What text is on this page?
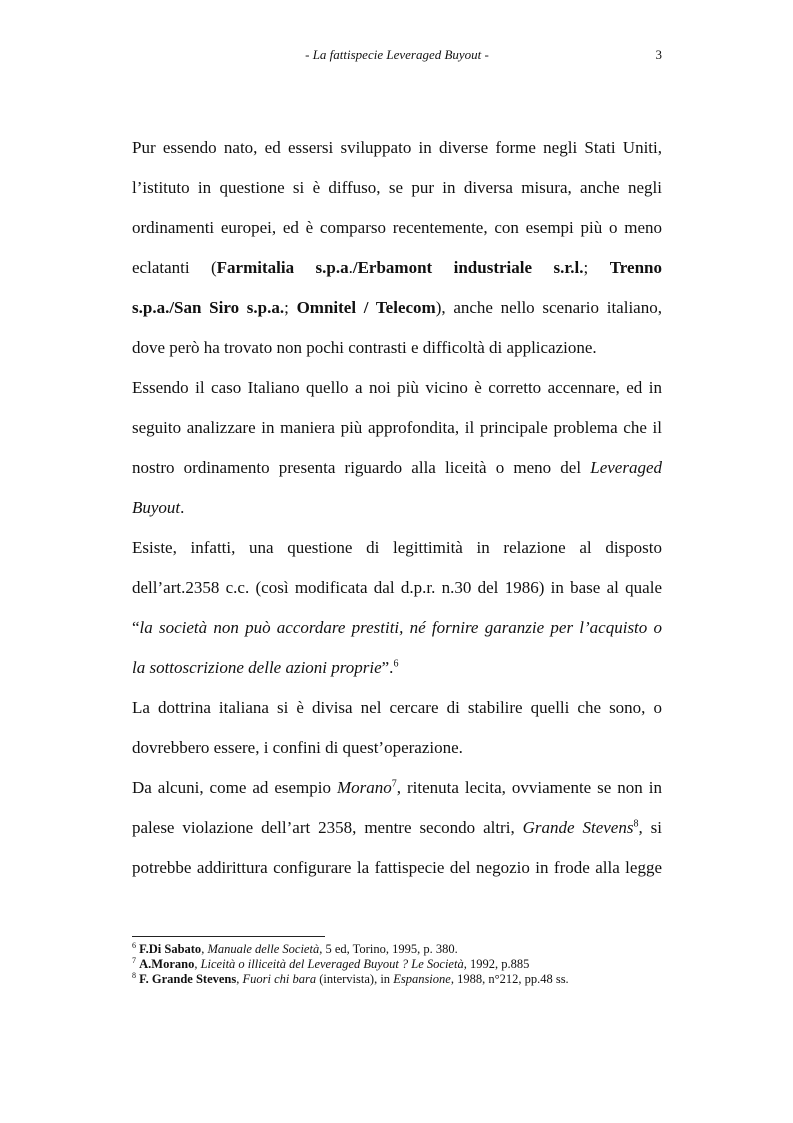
- La fattispecie Leveraged Buyout -	3

Pur essendo nato, ed essersi sviluppato in diverse forme negli Stati Uniti,
l’istituto in questione si è diffuso, se pur in diversa misura, anche negli
ordinamenti europei, ed è comparso recentemente, con esempi più o meno
eclatanti (Farmitalia s.p.a./Erbamont industriale s.r.l.; Trenno
s.p.a./San Siro s.p.a.; Omnitel / Telecom), anche nello scenario italiano,
dove però ha trovato non pochi contrasti e difficoltà di applicazione.

Essendo il caso Italiano quello a noi più vicino è corretto accennare, ed in
seguito analizzare in maniera più approfondita, il principale problema che il
nostro ordinamento presenta riguardo alla liceità o meno del Leveraged
Buyout.

Esiste, infatti, una questione di legittimità in relazione al disposto
dell’art.2358 c.c. (così modificata dal d.p.r. n.30 del 1986) in base al quale
“la società non può accordare prestiti, né fornire garanzie per l’acquisto o
la sottoscrizione delle azioni proprie”.$^6$

La dottrina italiana si è divisa nel cercare di stabilire quelli che sono, o
dovrebbero essere, i confini di quest’operazione.

Da alcuni, come ad esempio Morano$^7$, ritenuta lecita, ovviamente se non in
palese violazione dell’art 2358, mentre secondo altri, Grande Stevens$^8$, si
potrebbe addirittura configurare la fattispecie del negozio in frode alla legge

$^6$ F.Di Sabato, Manuale delle Società, 5 ed, Torino, 1995, p. 380.
$^7$ A.Morano, Liceità o illiceità del Leveraged Buyout ? Le Società, 1992, p.885
$^8$ F. Grande Stevens, Fuori chi bara (intervista), in Espansione, 1988, n°212, pp.48 ss.
